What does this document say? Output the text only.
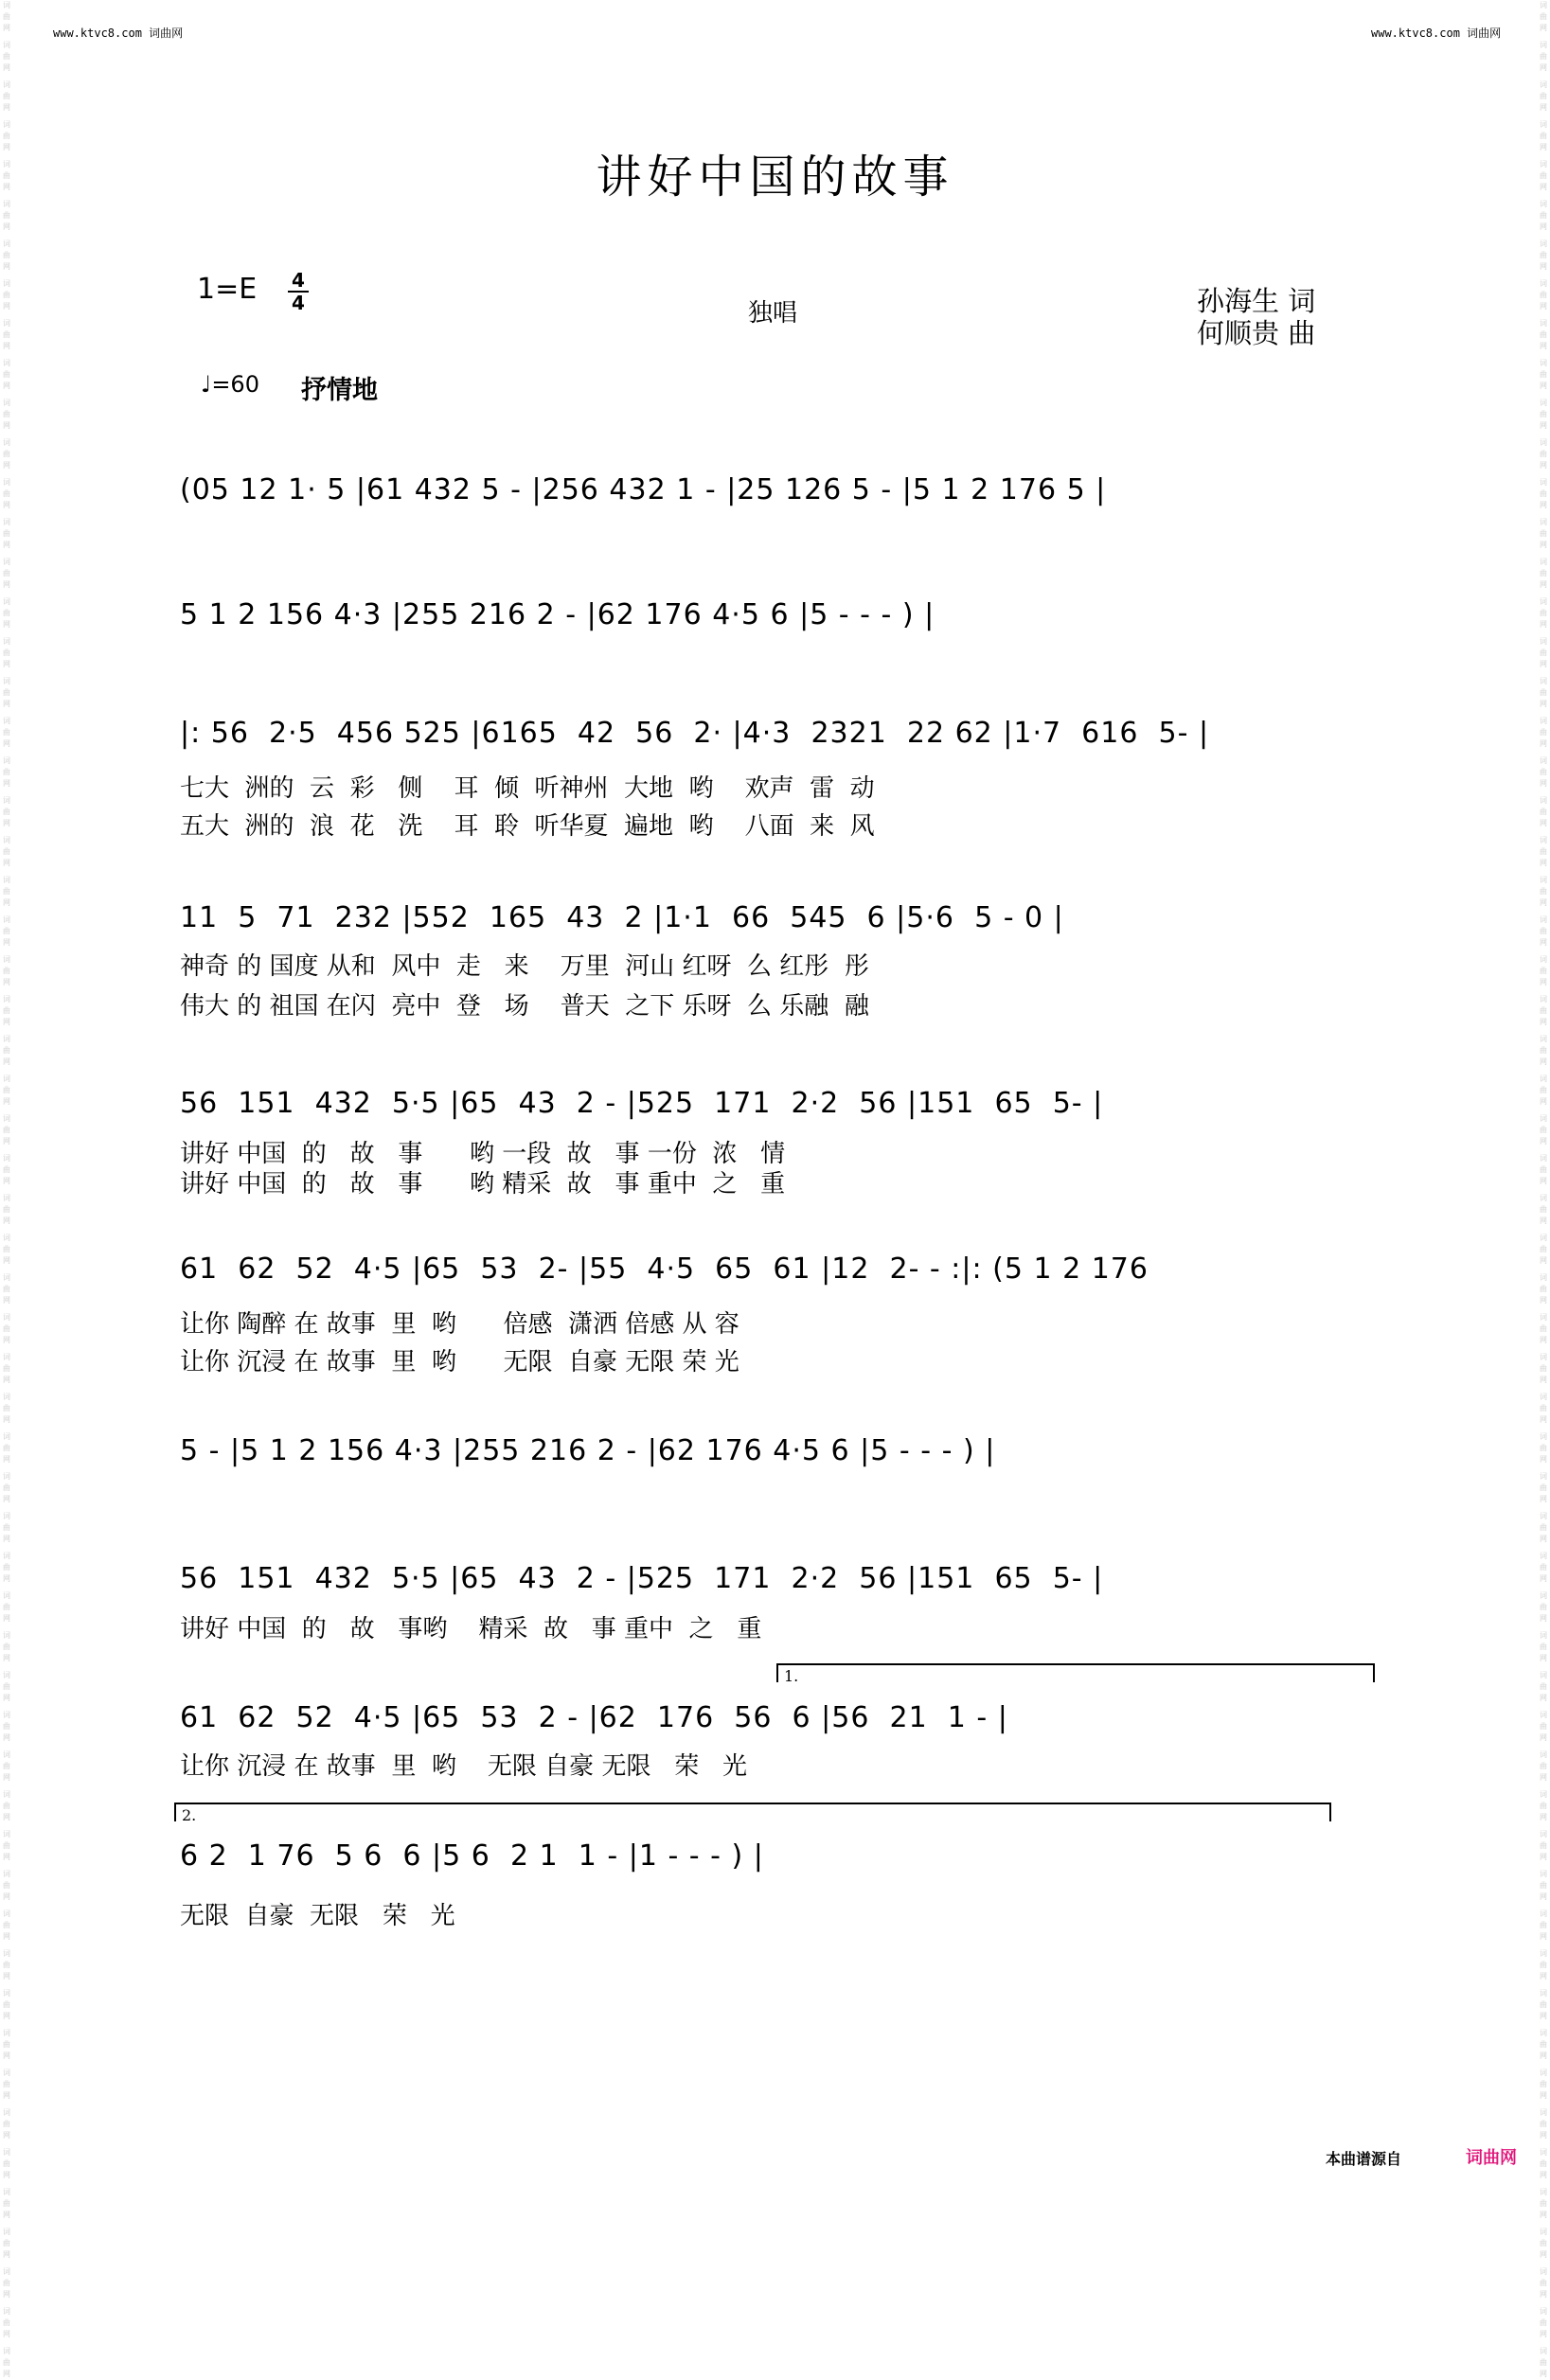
词曲网
词曲网
词曲网
词曲网
词曲网
词曲网
词曲网
词曲网
词曲网
词曲网
词曲网
词曲网
词曲网
词曲网
词曲网
词曲网
词曲网
词曲网
词曲网
词曲网
词曲网
词曲网
词曲网
词曲网
词曲网
词曲网
词曲网
词曲网
词曲网
词曲网
词曲网
词曲网
词曲网
词曲网
词曲网
词曲网
词曲网
词曲网
词曲网
词曲网
词曲网
词曲网
词曲网
词曲网
词曲网
词曲网
词曲网
词曲网
词曲网
词曲网
词曲网
词曲网
词曲网
词曲网
词曲网
词曲网
词曲网
词曲网
词曲网
词曲网
词曲网
词曲网
词曲网
词曲网
词曲网
词曲网
词曲网
词曲网
词曲网
词曲网
词曲网
词曲网
词曲网
词曲网
词曲网
词曲网
词曲网
词曲网
词曲网
词曲网
词曲网
词曲网
词曲网
词曲网
词曲网
词曲网
词曲网
词曲网
词曲网
词曲网
词曲网
词曲网
词曲网
词曲网
词曲网
词曲网
词曲网
词曲网
词曲网
词曲网
词曲网
词曲网
词曲网
词曲网
词曲网
词曲网
词曲网
词曲网
词曲网
词曲网
词曲网
词曲网
词曲网
词曲网
词曲网
词曲网
词曲网
词曲网
词曲网
词曲网
www.ktvc8.com 词曲网	www.ktvc8.com 词曲网
讲好中国的故事
1=E 4
4	独唱	孙海生 词
何顺贵 曲
♩=60 抒情地
(05 12 1· 5 |61 432 5 - |256 432 1 - |25 126 5 - |5 1 2 176 5 |
5 1 2 156 4·3 |255 216 2 - |62 176 4·5 6 |5 - - - ) |
|: 56  2·5  456 525 |6165  42  56  2· |4·3  2321  22 62 |1·7  616  5- |
七大  洲的  云  彩   侧    耳  倾  听神州  大地  哟    欢声  雷  动
五大  洲的  浪  花   洗    耳  聆  听华夏  遍地  哟    八面  来  风
11  5  71  232 |552  165  43  2 |1·1  66  545  6 |5·6  5 - 0 |
神奇 的 国度 从和  风中  走   来    万里  河山 红呀  么 红彤  彤
伟大 的 祖国 在闪  亮中  登   场    普天  之下 乐呀  么 乐融  融
56  151  432  5·5 |65  43  2 - |525  171  2·2  56 |151  65  5- |
讲好 中国  的   故   事      哟 一段  故   事 一份  浓   情
讲好 中国  的   故   事      哟 精采  故   事 重中  之   重
61  62  52  4·5 |65  53  2- |55  4·5  65  61 |12  2- - :|: (5 1 2 176
让你 陶醉 在 故事  里  哟      倍感  潇洒 倍感 从 容
让你 沉浸 在 故事  里  哟      无限  自豪 无限 荣 光
5 - |5 1 2 156 4·3 |255 216 2 - |62 176 4·5 6 |5 - - - ) |
56  151  432  5·5 |65  43  2 - |525  171  2·2  56 |151  65  5- |
讲好 中国  的   故   事哟    精采  故   事 重中  之   重
1.
61  62  52  4·5 |65  53  2 - |62  176  56  6 |56  21  1 - |
让你 沉浸 在 故事  里  哟    无限 自豪 无限   荣   光
2.
6 2  1 76  5 6  6 |5 6  2 1  1 - |1 - - - ) |
无限  自豪  无限   荣   光
本曲谱源自	词曲网
